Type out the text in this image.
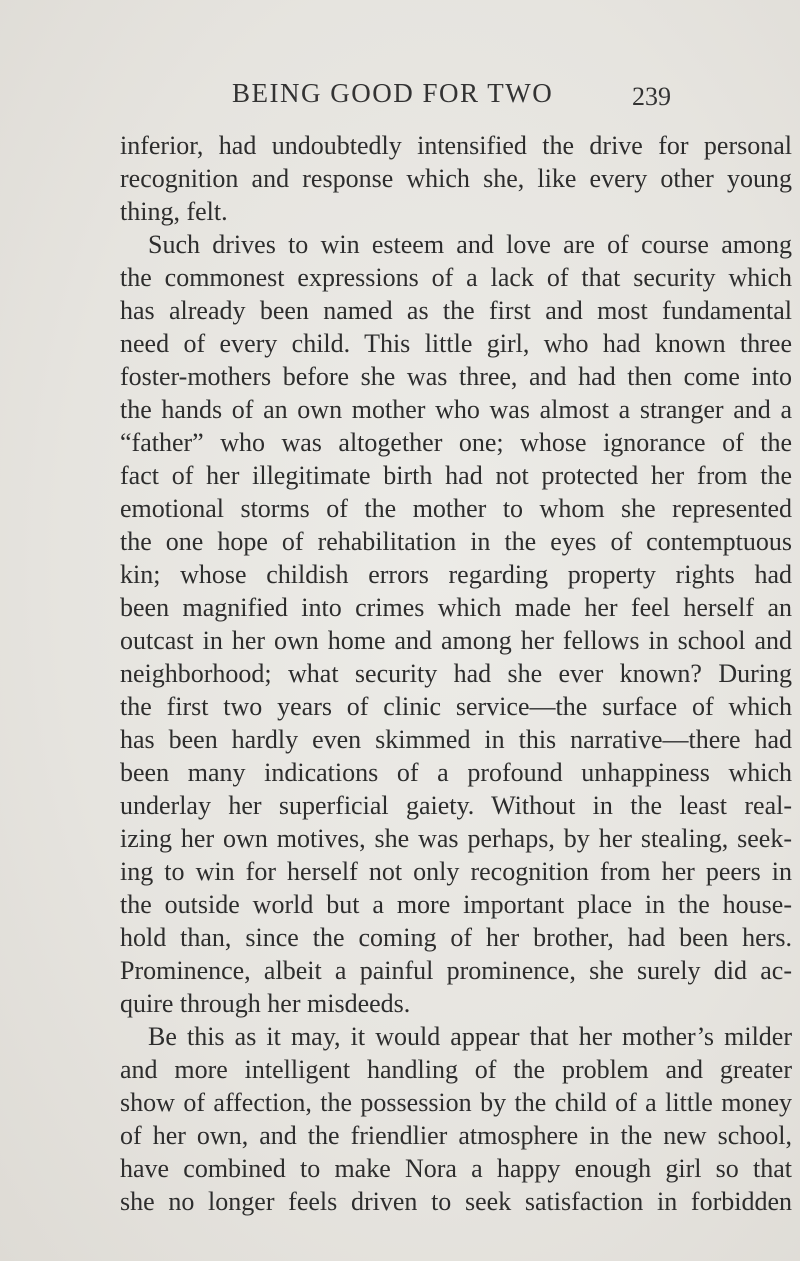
BEING GOOD FOR TWO	239
inferior, had undoubtedly intensified the drive for personal
recognition and response which she, like every other young
thing, felt.
Such drives to win esteem and love are of course among
the commonest expressions of a lack of that security which
has already been named as the first and most fundamental
need of every child. This little girl, who had known three
foster-mothers before she was three, and had then come into
the hands of an own mother who was almost a stranger and a
“father” who was altogether one; whose ignorance of the
fact of her illegitimate birth had not protected her from the
emotional storms of the mother to whom she represented
the one hope of rehabilitation in the eyes of contemptuous
kin; whose childish errors regarding property rights had
been magnified into crimes which made her feel herself an
outcast in her own home and among her fellows in school and
neighborhood; what security had she ever known? During
the first two years of clinic service—the surface of which
has been hardly even skimmed in this narrative—there had
been many indications of a profound unhappiness which
underlay her superficial gaiety. Without in the least real-
izing her own motives, she was perhaps, by her stealing, seek-
ing to win for herself not only recognition from her peers in
the outside world but a more important place in the house-
hold than, since the coming of her brother, had been hers.
Prominence, albeit a painful prominence, she surely did ac-
quire through her misdeeds.
Be this as it may, it would appear that her mother’s milder
and more intelligent handling of the problem and greater
show of affection, the possession by the child of a little money
of her own, and the friendlier atmosphere in the new school,
have combined to make Nora a happy enough girl so that
she no longer feels driven to seek satisfaction in forbidden
